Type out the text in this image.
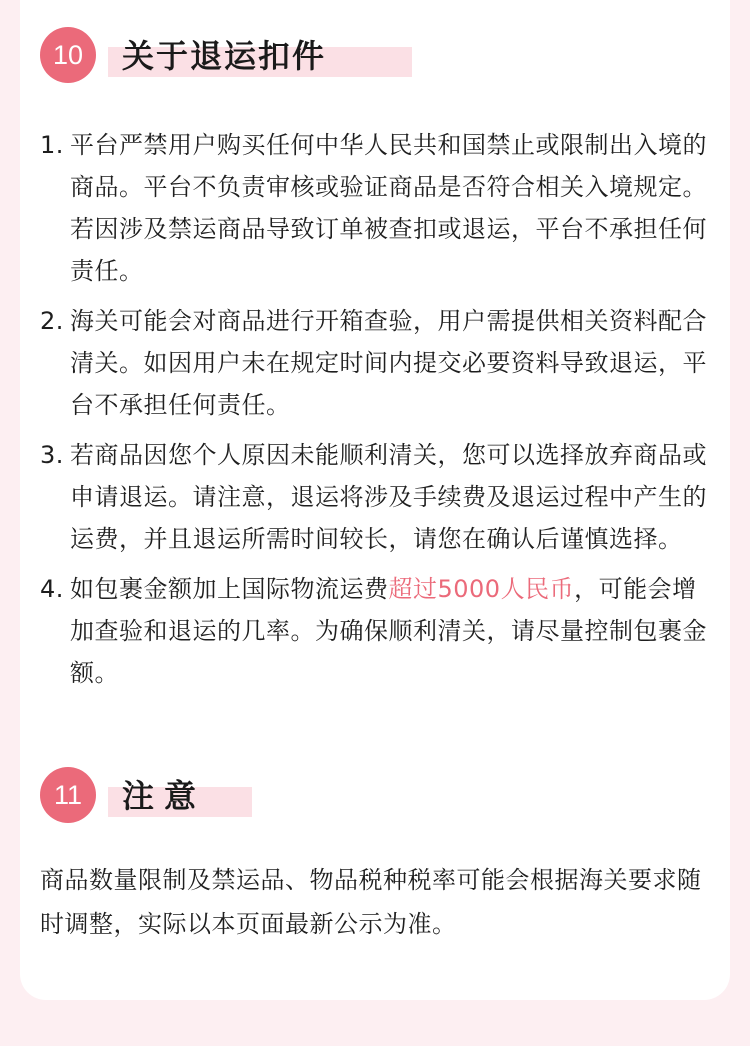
10	关于退运扣件
1. 平台严禁用户购买任何中华人民共和国禁止或限制出入境的商品。平台不负责审核或验证商品是否符合相关入境规定。若因涉及禁运商品导致订单被查扣或退运，平台不承担任何责任。
2. 海关可能会对商品进行开箱查验，用户需提供相关资料配合清关。如因用户未在规定时间内提交必要资料导致退运，平台不承担任何责任。
3. 若商品因您个人原因未能顺利清关，您可以选择放弃商品或申请退运。请注意，退运将涉及手续费及退运过程中产生的运费，并且退运所需时间较长，请您在确认后谨慎选择。
4. 如包裹金额加上国际物流运费超过5000人民币，可能会增加查验和退运的几率。为确保顺利清关，请尽量控制包裹金额。
11	注意
商品数量限制及禁运品、物品税种税率可能会根据海关要求随时调整，实际以本页面最新公示为准。
